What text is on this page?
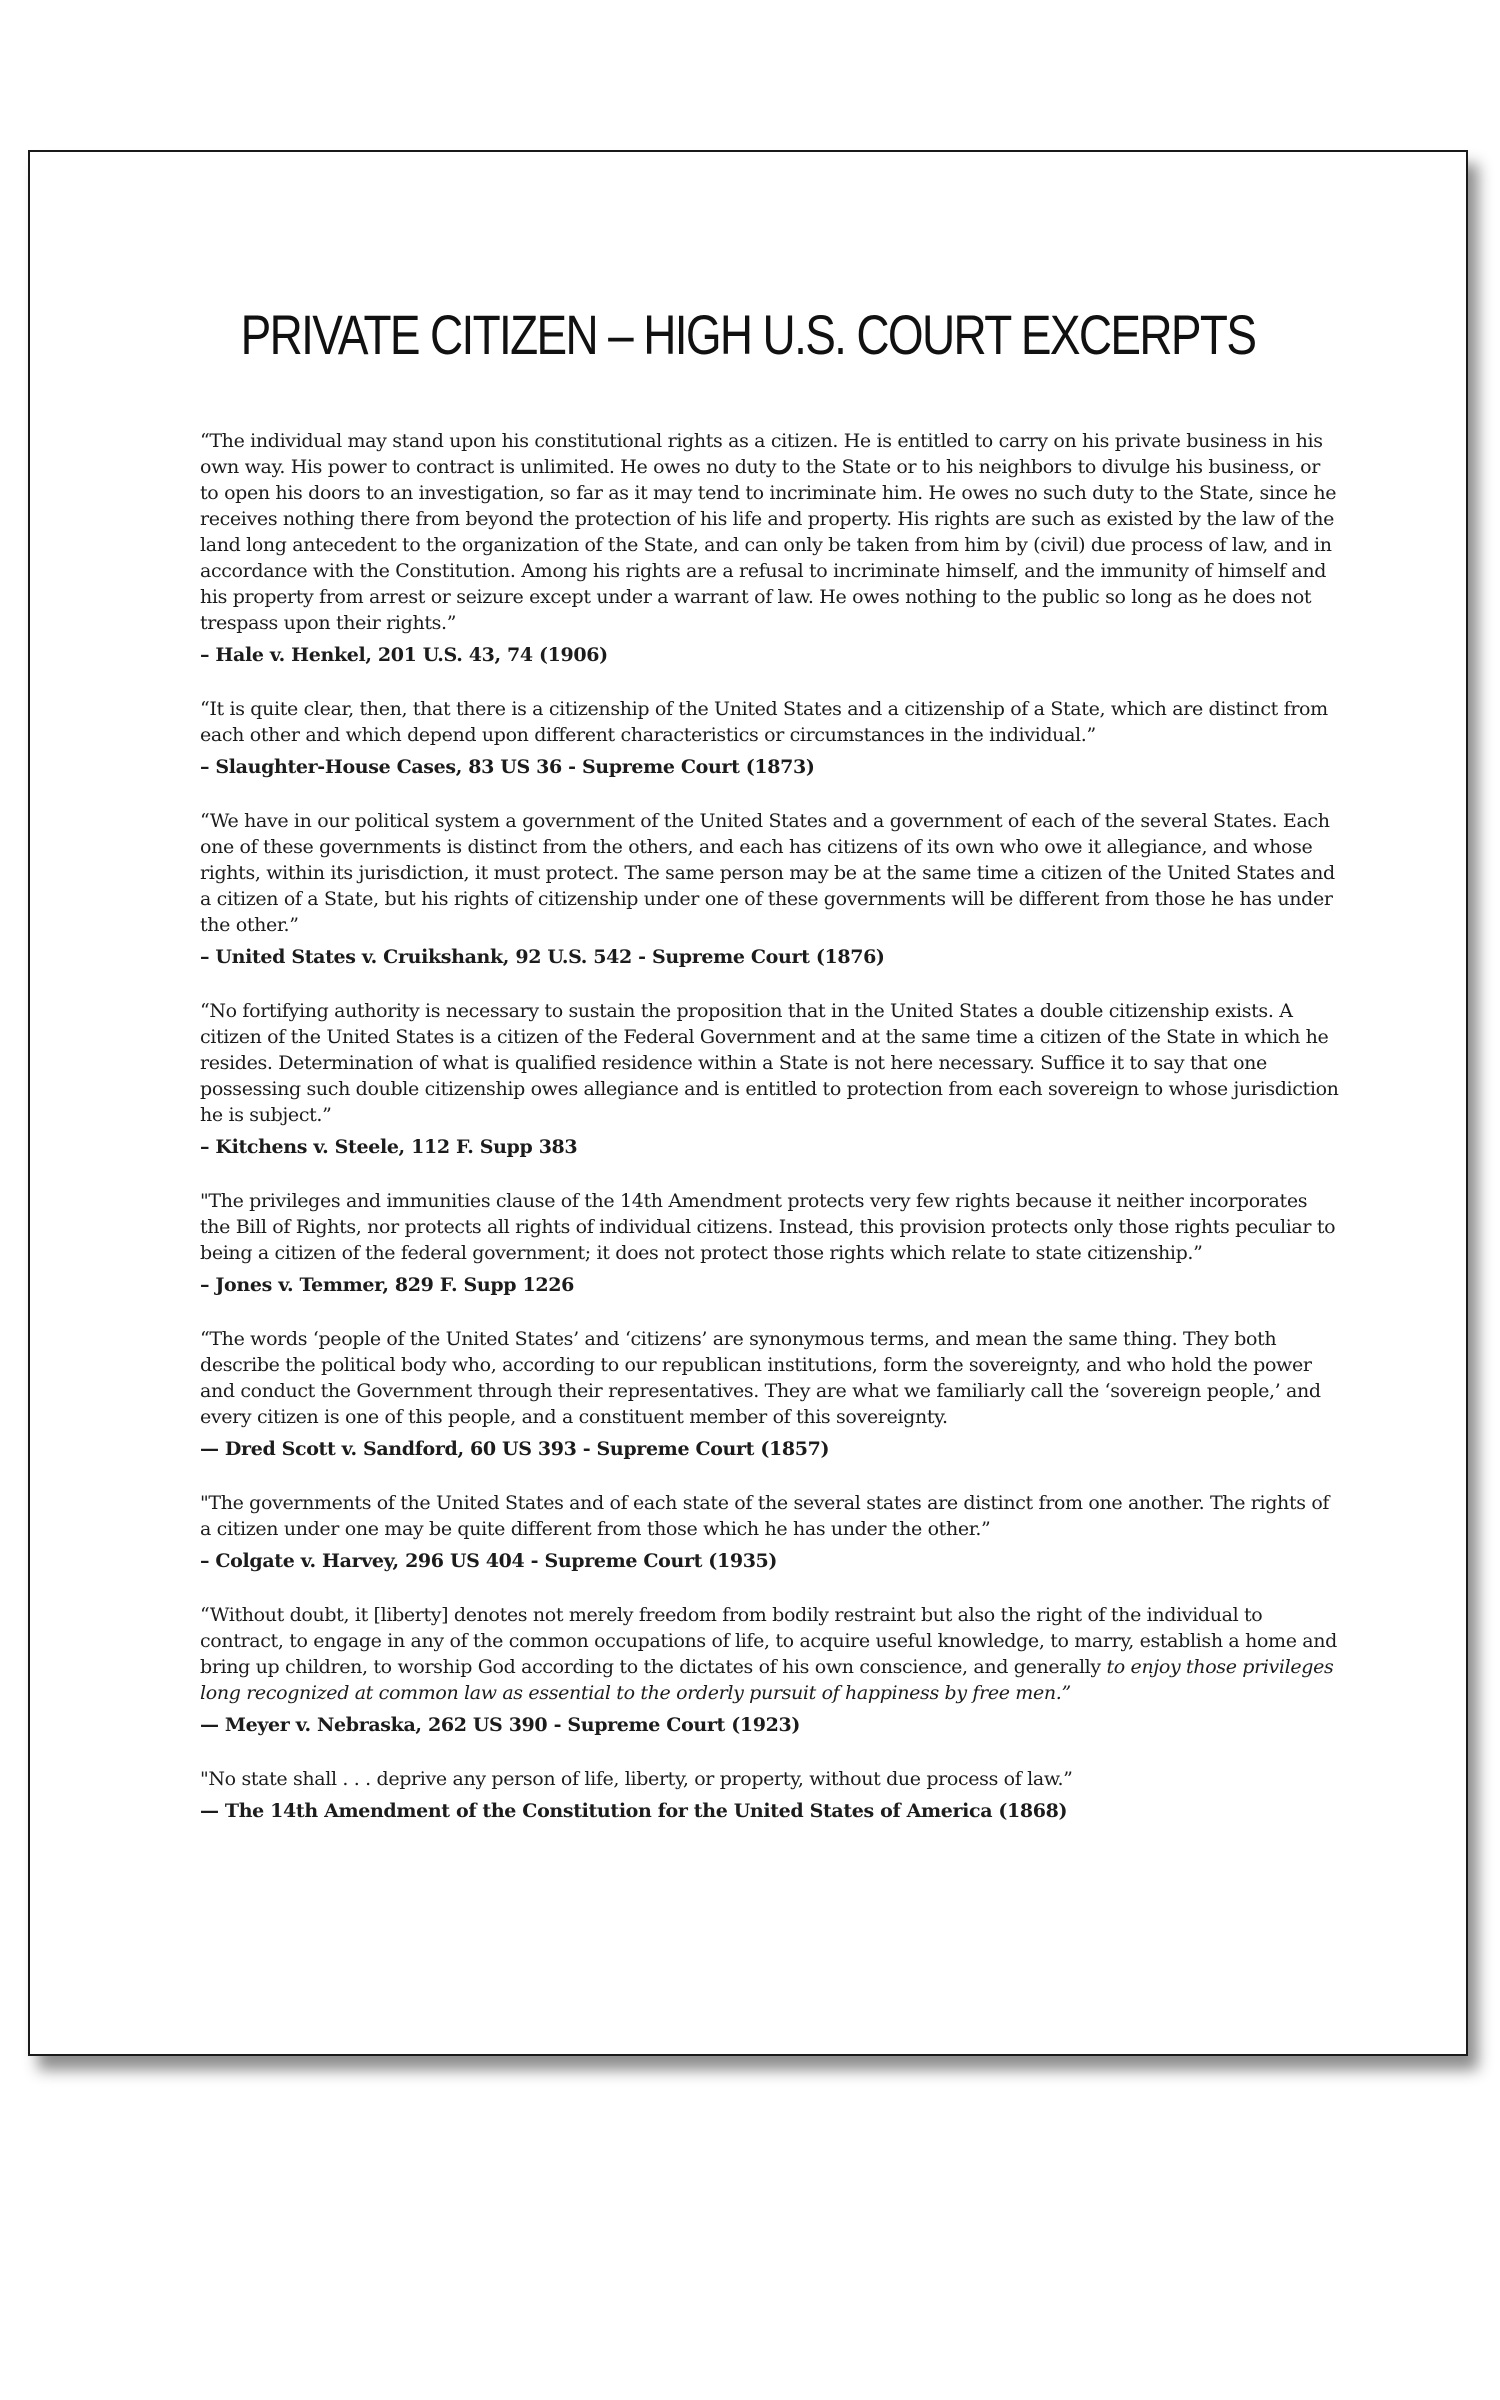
PRIVATE CITIZEN – HIGH U.S. COURT EXCERPTS

“The individual may stand upon his constitutional rights as a citizen. He is entitled to carry on his private business in his own way. His power to contract is unlimited. He owes no duty to the State or to his neighbors to divulge his business, or to open his doors to an investigation, so far as it may tend to incriminate him. He owes no such duty to the State, since he receives nothing there from beyond the protection of his life and property. His rights are such as existed by the law of the land long antecedent to the organization of the State, and can only be taken from him by (civil) due process of law, and in accordance with the Constitution. Among his rights are a refusal to incriminate himself, and the immunity of himself and his property from arrest or seizure except under a warrant of law. He owes nothing to the public so long as he does not trespass upon their rights.”

– Hale v. Henkel, 201 U.S. 43, 74 (1906)

“It is quite clear, then, that there is a citizenship of the United States and a citizenship of a State, which are distinct from each other and which depend upon different characteristics or circumstances in the individual.”

– Slaughter-House Cases, 83 US 36 - Supreme Court (1873)

“We have in our political system a government of the United States and a government of each of the several States. Each one of these governments is distinct from the others, and each has citizens of its own who owe it allegiance, and whose rights, within its jurisdiction, it must protect. The same person may be at the same time a citizen of the United States and a citizen of a State, but his rights of citizenship under one of these governments will be different from those he has under the other.”

– United States v. Cruikshank, 92 U.S. 542 - Supreme Court (1876)

“No fortifying authority is necessary to sustain the proposition that in the United States a double citizenship exists. A citizen of the United States is a citizen of the Federal Government and at the same time a citizen of the State in which he resides. Determination of what is qualified residence within a State is not here necessary. Suffice it to say that one possessing such double citizenship owes allegiance and is entitled to protection from each sovereign to whose jurisdiction he is subject.”

– Kitchens v. Steele, 112 F. Supp 383

"The privileges and immunities clause of the 14th Amendment protects very few rights because it neither incorporates the Bill of Rights, nor protects all rights of individual citizens. Instead, this provision protects only those rights peculiar to being a citizen of the federal government; it does not protect those rights which relate to state citizenship.”

– Jones v. Temmer, 829 F. Supp 1226

“The words ‘people of the United States’ and ‘citizens’ are synonymous terms, and mean the same thing. They both describe the political body who, according to our republican institutions, form the sovereignty, and who hold the power and conduct the Government through their representatives. They are what we familiarly call the ‘sovereign people,’ and every citizen is one of this people, and a constituent member of this sovereignty.

— Dred Scott v. Sandford, 60 US 393 - Supreme Court (1857)

"The governments of the United States and of each state of the several states are distinct from one another. The rights of a citizen under one may be quite different from those which he has under the other.”

– Colgate v. Harvey, 296 US 404 - Supreme Court (1935)

“Without doubt, it [liberty] denotes not merely freedom from bodily restraint but also the right of the individual to contract, to engage in any of the common occupations of life, to acquire useful knowledge, to marry, establish a home and bring up children, to worship God according to the dictates of his own conscience, and generally to enjoy those privileges long recognized at common law as essential to the orderly pursuit of happiness by free men.”

— Meyer v. Nebraska, 262 US 390 - Supreme Court (1923)

"No state shall . . . deprive any person of life, liberty, or property, without due process of law.”

— The 14th Amendment of the Constitution for the United States of America (1868)
